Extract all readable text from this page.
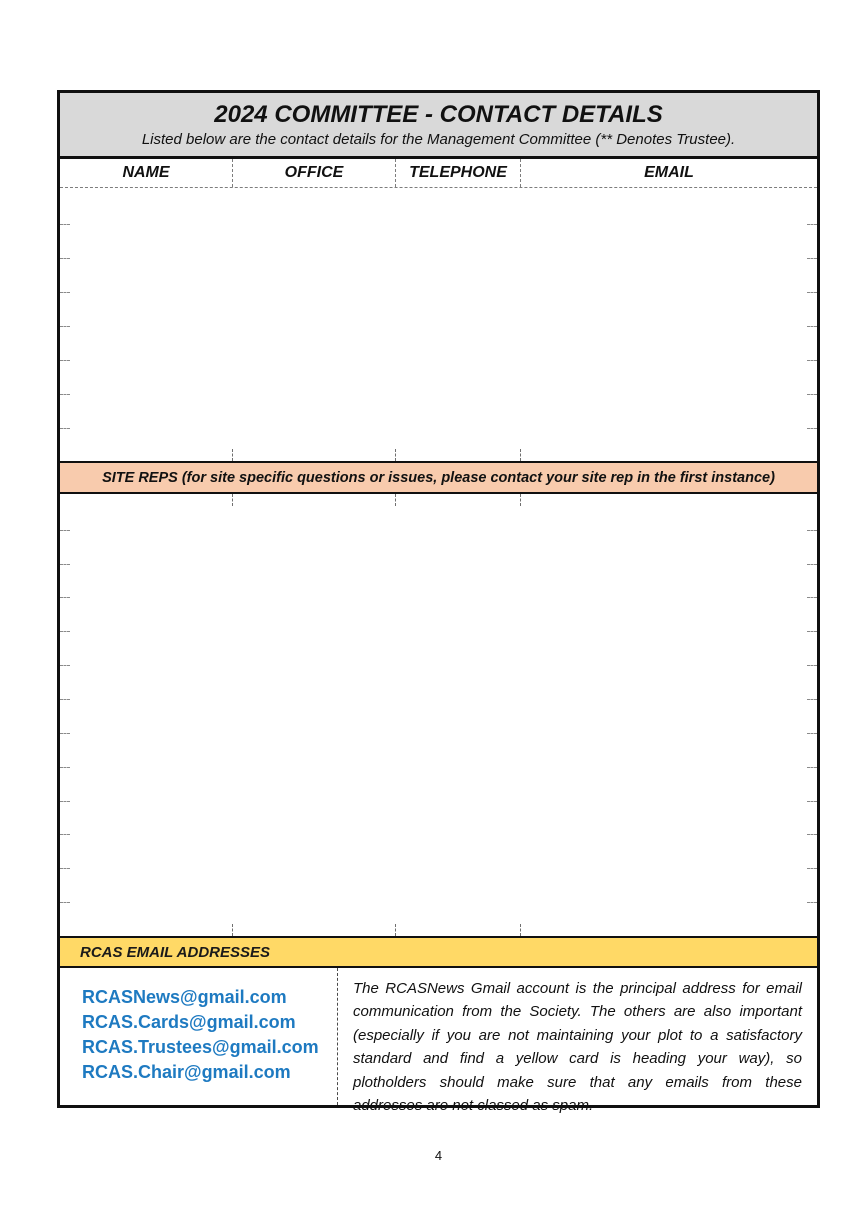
2024 COMMITTEE - CONTACT DETAILS
Listed below are the contact details for the Management Committee (** Denotes Trustee).
NAME	OFFICE	TELEPHONE	EMAIL
SITE REPS (for site specific questions or issues, please contact your site rep in the first instance)
RCAS EMAIL ADDRESSES
RCASNews@gmail.com
RCAS.Cards@gmail.com
RCAS.Trustees@gmail.com
RCAS.Chair@gmail.com
The RCASNews Gmail account is the principal address for email communication from the Society. The others are also important (especially if you are not maintaining your plot to a satisfactory standard and find a yellow card is heading your way), so plotholders should make sure that any emails from these addresses are not classed as spam.
4
